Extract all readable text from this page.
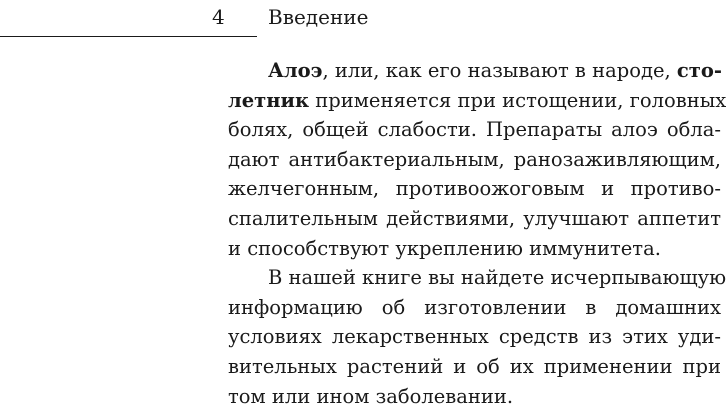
4 Введение
Алоэ, или, как его называют в народе, сто-
летник применяется при истощении, головных
болях, общей слабости. Препараты алоэ обла-
дают антибактериальным, ранозаживляющим,
желчегонным, противоожоговым и противо-
спалительным действиями, улучшают аппетит
и способствуют укреплению иммунитета.
В нашей книге вы найдете исчерпывающую
информацию об изготовлении в домашних
условиях лекарственных средств из этих уди-
вительных растений и об их применении при
том или ином заболевании.
